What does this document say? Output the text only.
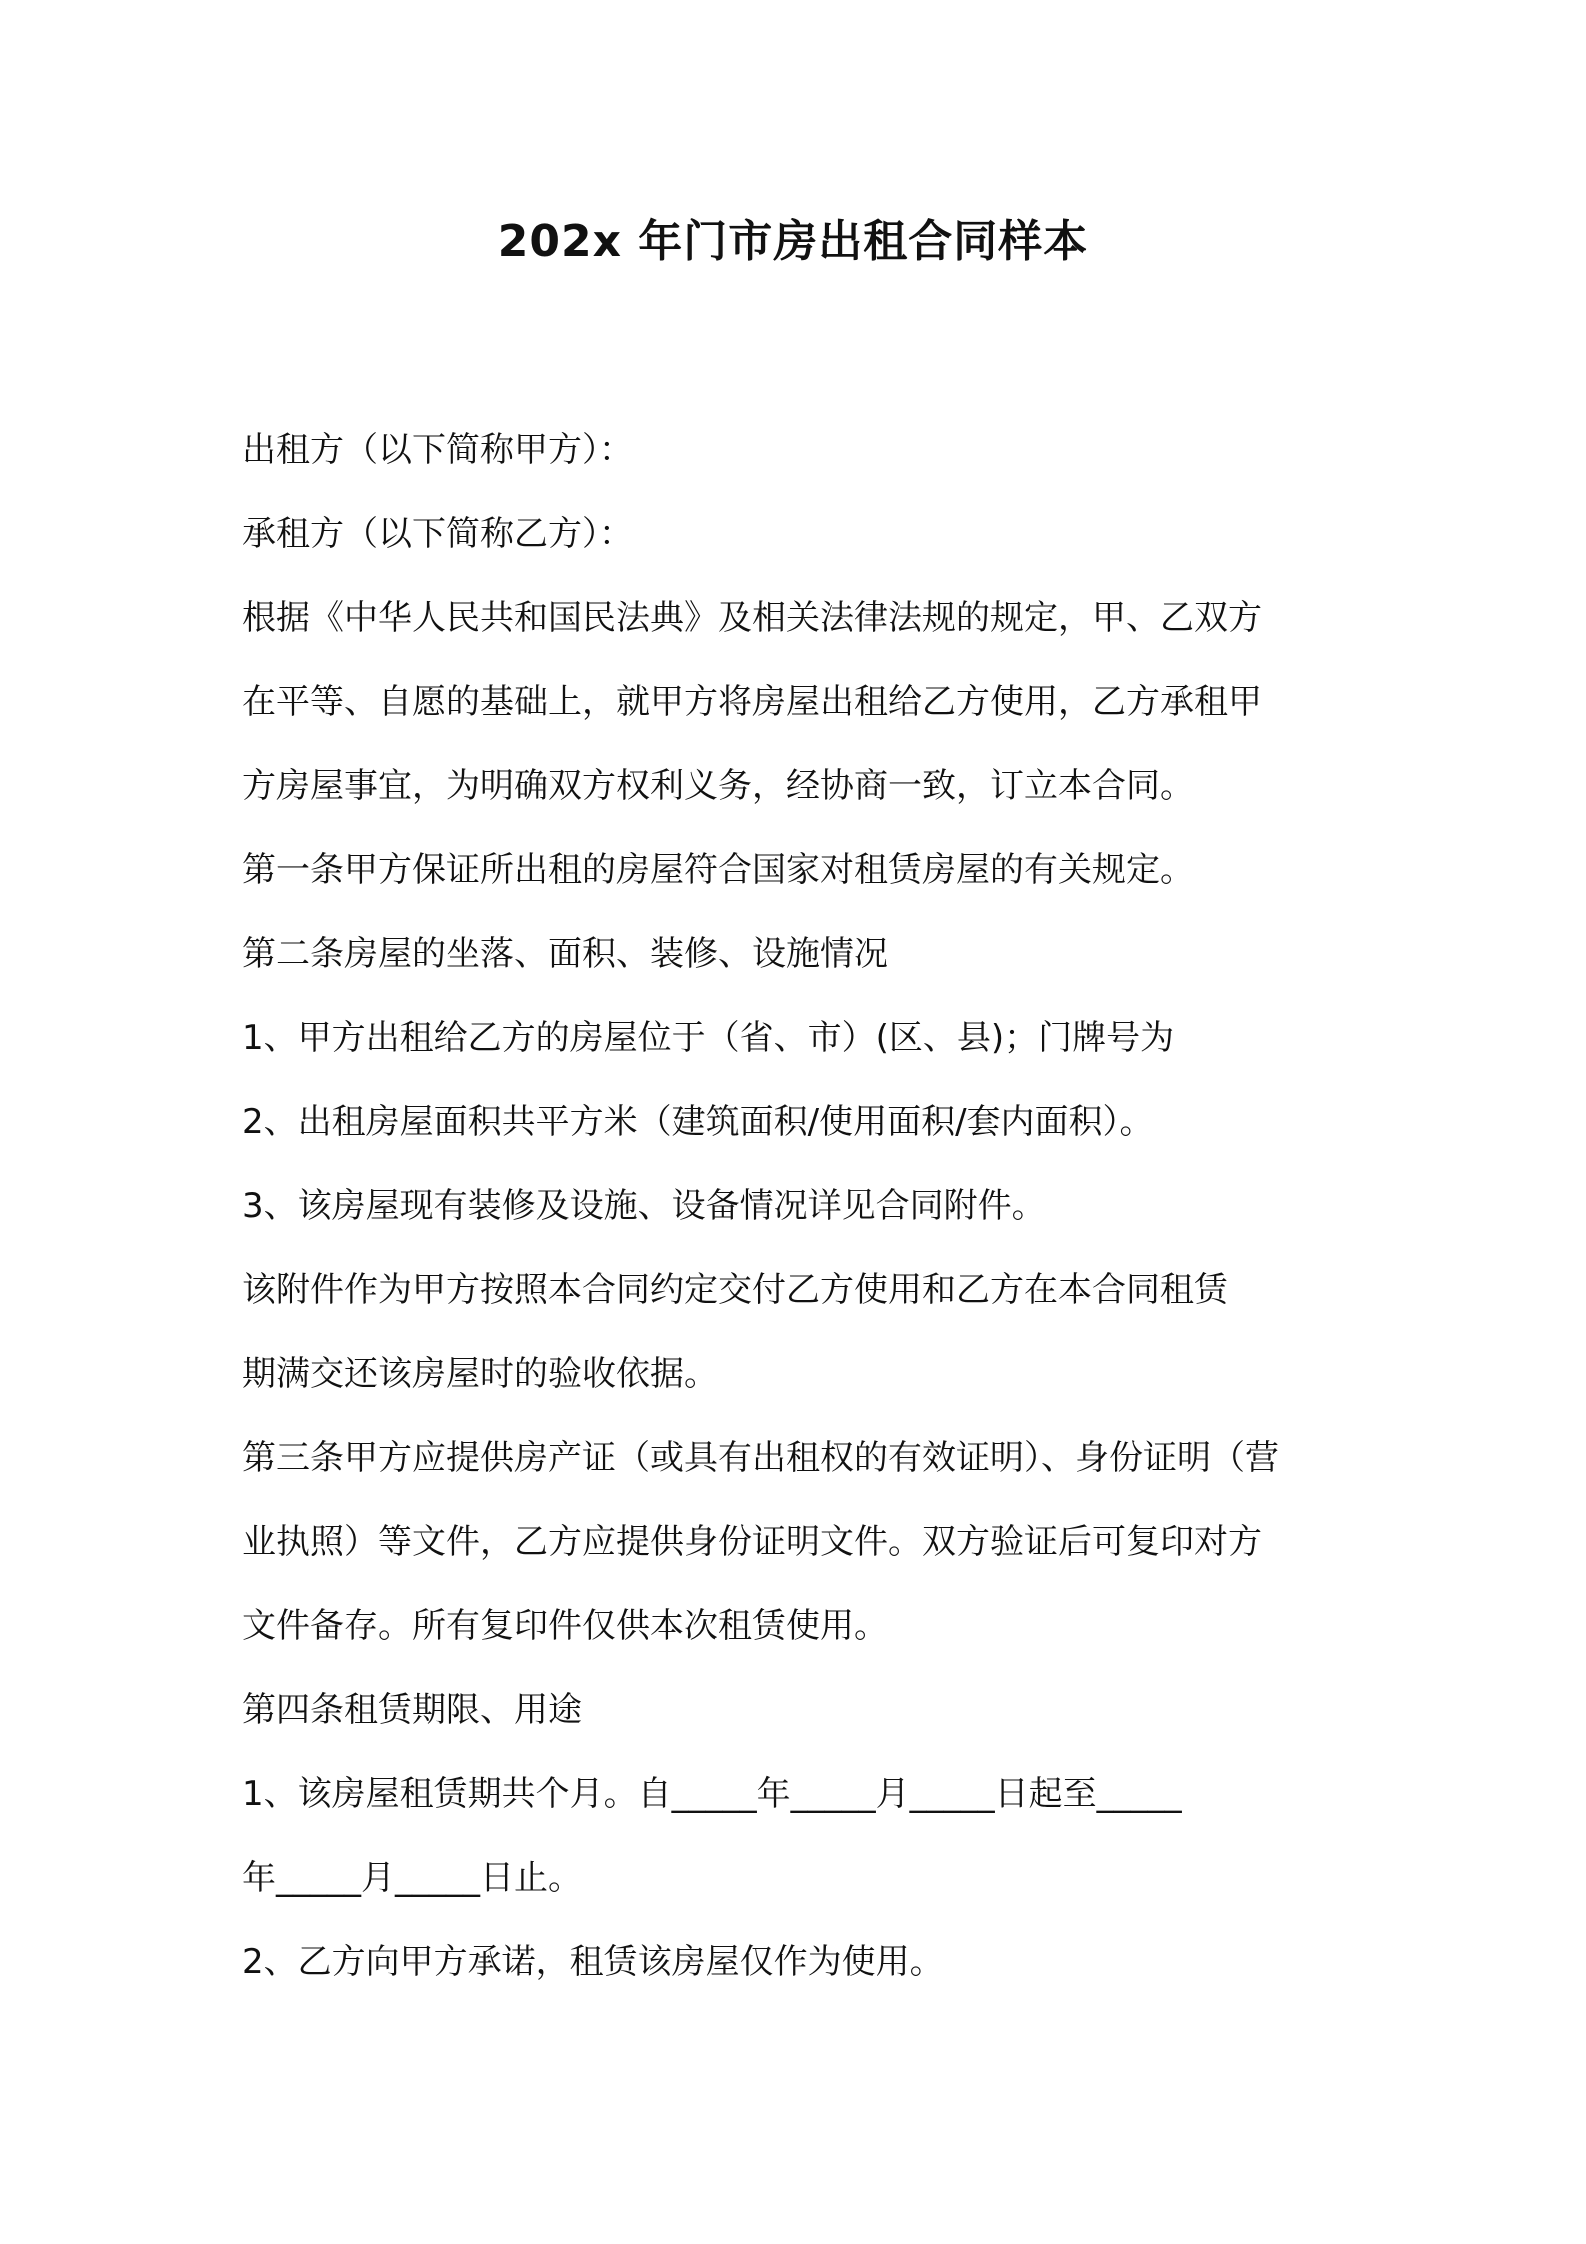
202x 年门市房出租合同样本

出租方（以下简称甲方）：

承租方（以下简称乙方）：

根据《中华人民共和国民法典》及相关法律法规的规定，甲、乙双方

在平等、自愿的基础上，就甲方将房屋出租给乙方使用，乙方承租甲

方房屋事宜，为明确双方权利义务，经协商一致，订立本合同。

第一条甲方保证所出租的房屋符合国家对租赁房屋的有关规定。

第二条房屋的坐落、面积、装修、设施情况

1、甲方出租给乙方的房屋位于（省、市）(区、县)；门牌号为

2、出租房屋面积共平方米（建筑面积/使用面积/套内面积）。

3、该房屋现有装修及设施、设备情况详见合同附件。

该附件作为甲方按照本合同约定交付乙方使用和乙方在本合同租赁

期满交还该房屋时的验收依据。

第三条甲方应提供房产证（或具有出租权的有效证明）、身份证明（营

业执照）等文件，乙方应提供身份证明文件。双方验证后可复印对方

文件备存。所有复印件仅供本次租赁使用。

第四条租赁期限、用途

1、该房屋租赁期共个月。自_____年_____月_____日起至_____

年_____月_____日止。

2、乙方向甲方承诺，租赁该房屋仅作为使用。
